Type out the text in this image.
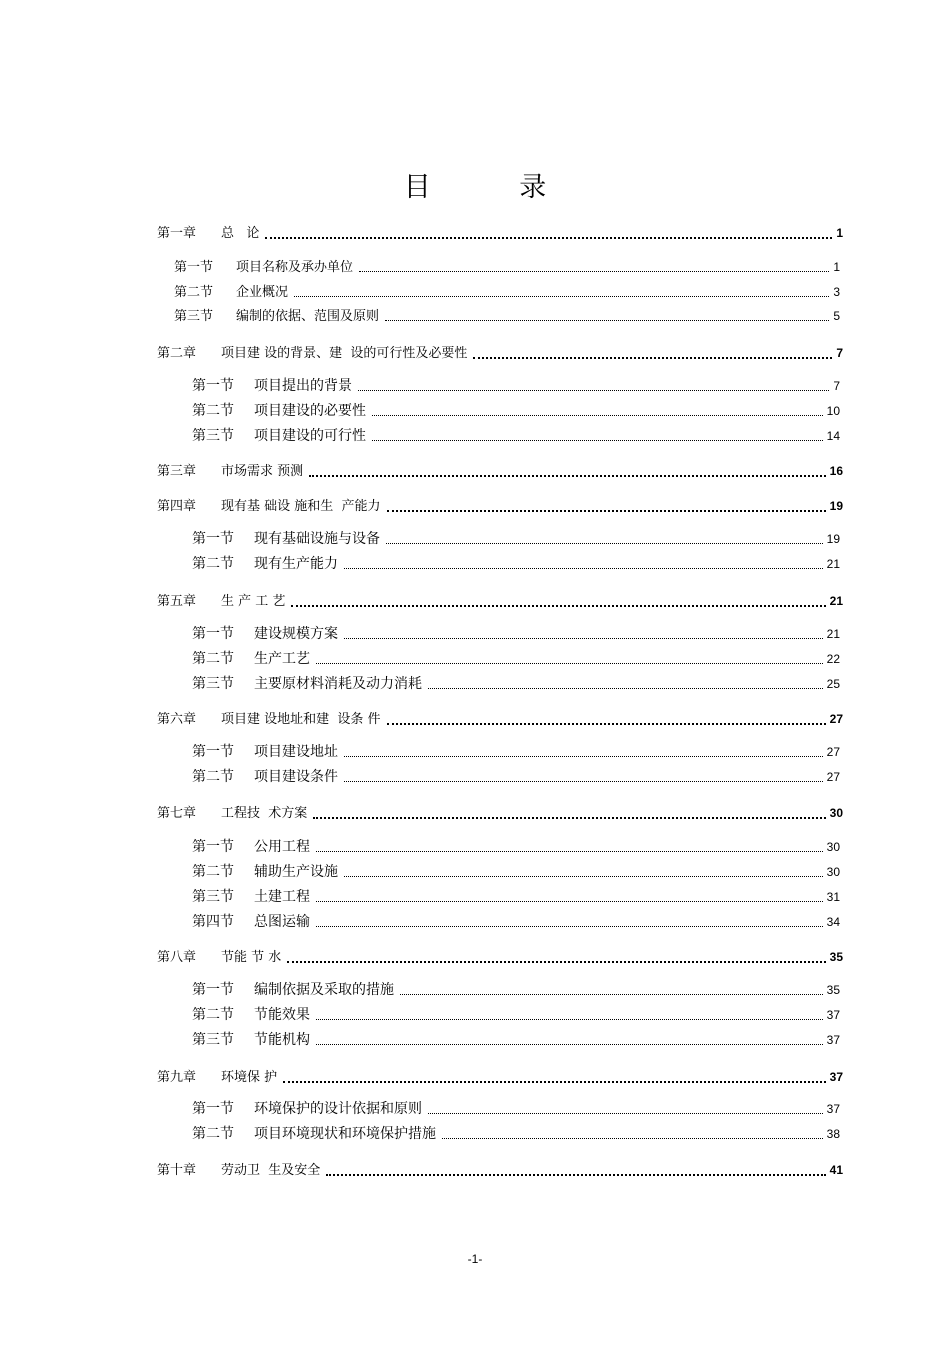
目 录
第一章	总   论	1
第一节	项目名称及承办单位	1
第二节	企业概况	3
第三节	编制的依据、范围及原则	5
第二章	项目建 设的背景、建  设的可行性及必要性	7
第一节	项目提出的背景	7
第二节	项目建设的必要性	10
第三节	项目建设的可行性	14
第三章	市场需求 预测	16
第四章	现有基 础设 施和生  产能力	19
第一节	现有基础设施与设备	19
第二节	现有生产能力	21
第五章	生 产 工 艺	21
第一节	建设规模方案	21
第二节	生产工艺	22
第三节	主要原材料消耗及动力消耗	25
第六章	项目建 设地址和建  设条 件	27
第一节	项目建设地址	27
第二节	项目建设条件	27
第七章	工程技  术方案	30
第一节	公用工程	30
第二节	辅助生产设施	30
第三节	土建工程	31
第四节	总图运输	34
第八章	节能 节 水	35
第一节	编制依据及采取的措施	35
第二节	节能效果	37
第三节	节能机构	37
第九章	环境保 护	37
第一节	环境保护的设计依据和原则	37
第二节	项目环境现状和环境保护措施	38
第十章	劳动卫  生及安全	41
-1-
